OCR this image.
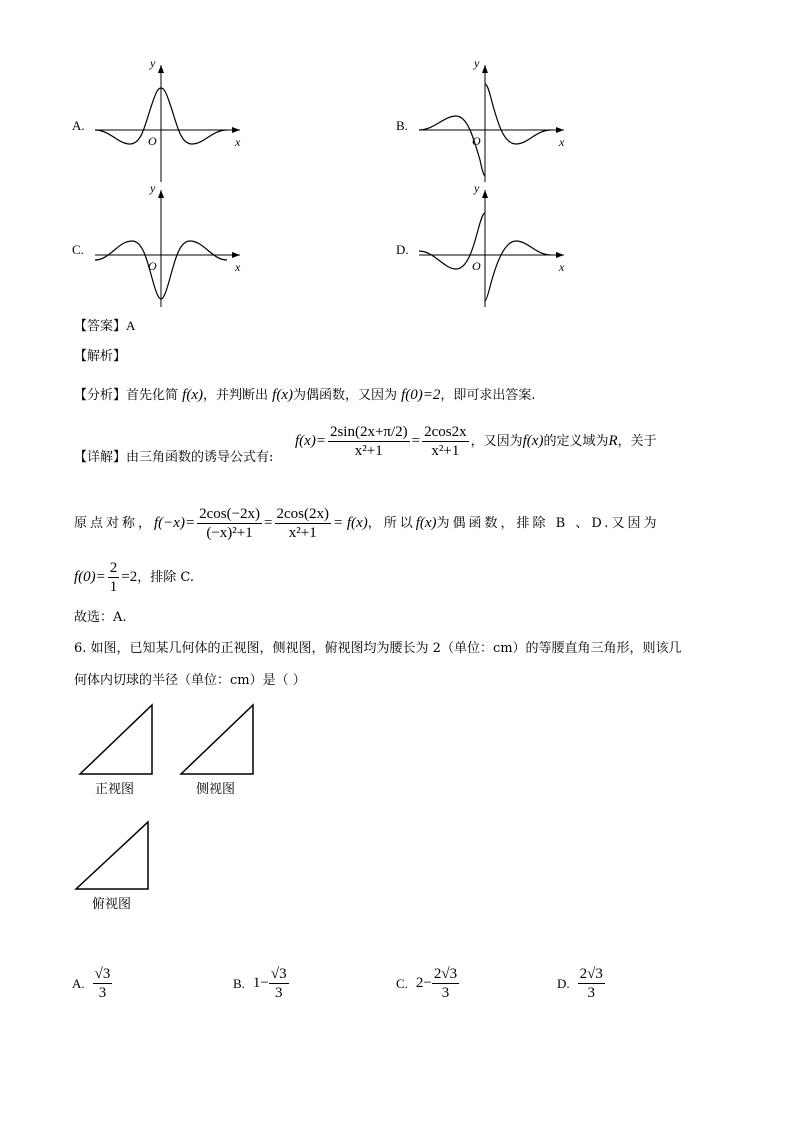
A.
y
x
O
B.
y
x
O
C.
y
x
O
D.
y
x
O
【答案】A
【解析】
【分析】首先化简 f(x)，并判断出 f(x)为偶函数，又因为 f(0)=2，即可求出答案.
【详解】由三角函数的诱导公式有:
$f(x)= \frac{2\sin(2x+\pi/2)}{\text{x²+1}} = \frac{2\cos 2x}{\text{x²+1}}$ ，又因为 f(x) 的定义域为 R ，关于
原点对称， $f(-x)= \frac{2\cos(-2x)}{\text{(−x)²+1}} = \frac{2\cos(2x)}{\text{x²+1}} = f(x)$ ，所以 f(x) 为偶函数，排除 B 、D.又因为
$f(0)= \frac{2}{1} =2$ ，排除 C.
故选：A.
6. 如图，已知某几何体的正视图，侧视图，俯视图均为腰长为 2（单位：cm）的等腰直角三角形，则该几
何体内切球的半径（单位：cm）是（ ）
正视图	侧视图
俯视图
A. $\frac{√3}{3}$	B. $1- \frac{√3}{3}$	C. $2- \frac{2√3}{3}$	D. $\frac{2√3}{3}$
